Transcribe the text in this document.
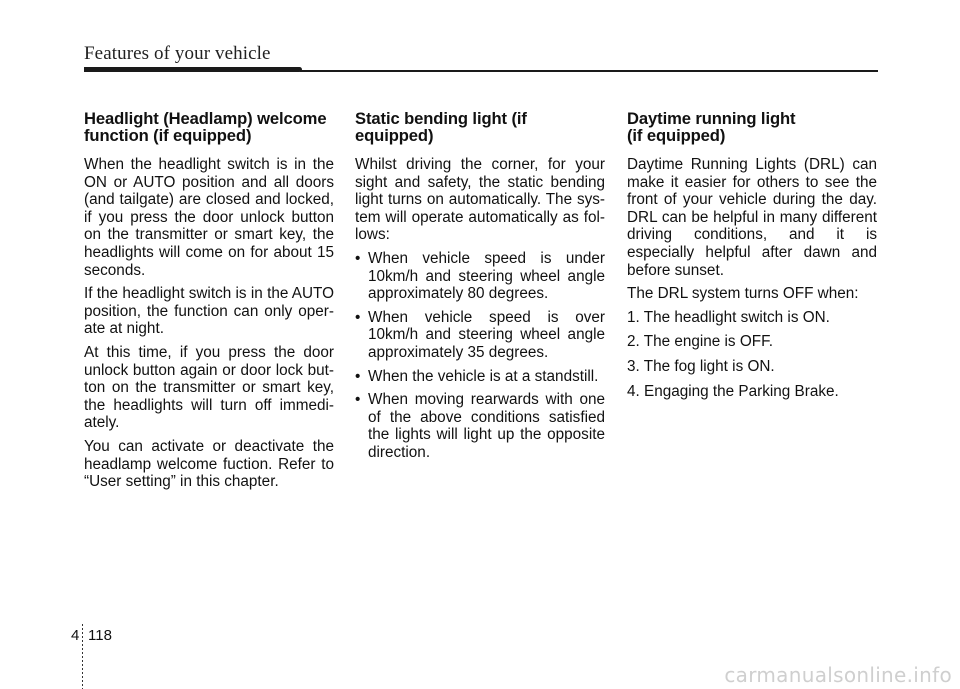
Features of your vehicle
Headlight (Headlamp) welcome function (if equipped)

When the headlight switch is in the ON or AUTO position and all doors (and tailgate) are closed and locked, if you press the door unlock button on the transmitter or smart key, the headlights will come on for about 15 seconds.

If the headlight switch is in the AUTO position, the function can only oper-ate at night.

At this time, if you press the door unlock button again or door lock but-ton on the transmitter or smart key, the headlights will turn off immedi-ately.

You can activate or deactivate the headlamp welcome fuction. Refer to “User setting” in this chapter.

Static bending light (if equipped)

Whilst driving the corner, for your sight and safety, the static bending light turns on automatically. The sys-tem will operate automatically as fol-lows:

• When vehicle speed is under 10km/h and steering wheel angle approximately 80 degrees.
• When vehicle speed is over 10km/h and steering wheel angle approximately 35 degrees.
• When the vehicle is at a standstill.
• When moving rearwards with one of the above conditions satisfied the lights will light up the opposite direction.
Daytime running light
(if equipped)

Daytime Running Lights (DRL) can make it easier for others to see the front of your vehicle during the day. DRL can be helpful in many different driving conditions, and it is especially helpful after dawn and before sunset.

The DRL system turns OFF when:

1. The headlight switch is ON.
2. The engine is OFF.
3. The fog light is ON.
4. Engaging the Parking Brake.
4 118
carmanualsonline.info
